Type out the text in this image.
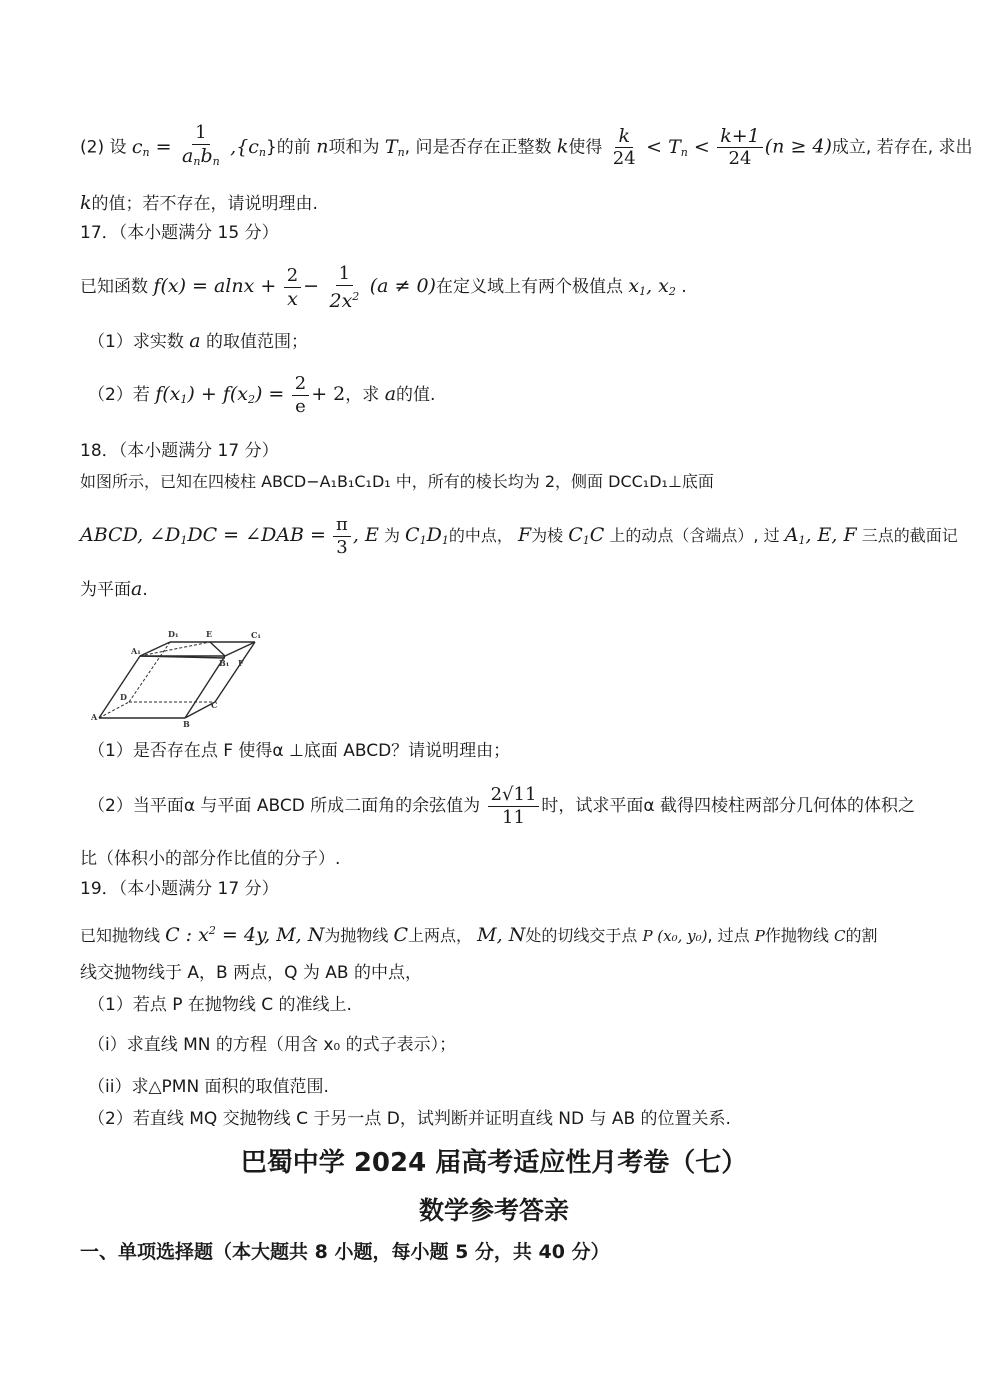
(2) 设 $c_n = \frac{1}{a_nb_n} ,\{c_n\}$的前 n项和为 $T_n$, 问是否存在正整数 k使得 $\frac{k}{24} < T_n < \frac{k+1}{24} (n \ge 4)$成立, 若存在, 求出
k的值；若不存在，请说明理由.
17．（本小题满分 15 分）
已知函数 $f(x) = alnx + \frac{2}{x} - \frac{1}{2x^2} (a \ne 0)$在定义域上有两个极值点 $x_1$, $x_2$ .
（1）求实数 a 的取值范围；
（2）若 $f(x_1) + f(x_2) = \frac{2}{e} + 2$，求 a的值.
18．（本小题满分 17 分）
如图所示，已知在四棱柱 ABCD−A₁B₁C₁D₁ 中，所有的棱长均为 2，侧面 DCC₁D₁⊥底面
ABCD, $\angle D_1DC$ = ∠DAB = $\frac{\pi}{3}$ , E 为 $C_1D_1$的中点， F为棱 $C_1C$ 上的动点（含端点）, 过 $A_1$, E, F 三点的截面记
为平面a.
D₁	E	C₁
A₁
B₁ F
D
C
A
B
（1）是否存在点 F 使得α ⊥底面 ABCD？请说明理由；
（2）当平面α 与平面 ABCD 所成二面角的余弦值为 $\frac{2√11}{11}$ 时，试求平面α 截得四棱柱两部分几何体的体积之
比（体积小的部分作比值的分子）.
19．（本小题满分 17 分）
已知抛物线 C : $x^2 = 4y$, M, N为抛物线 C上两点， M, N处的切线交于点 P (x₀, y₀), 过点 P作抛物线 C的割
线交抛物线于 A，B 两点，Q 为 AB 的中点，
（1）若点 P 在抛物线 C 的准线上.
（i）求直线 MN 的方程（用含 x₀ 的式子表示）；
（ii）求△PMN 面积的取值范围.
（2）若直线 MQ 交抛物线 C 于另一点 D，试判断并证明直线 ND 与 AB 的位置关系.
巴蜀中学 2024 届高考适应性月考卷（七）
数学参考答亲
一、单项选择题（本大题共 8 小题，每小题 5 分，共 40 分）
